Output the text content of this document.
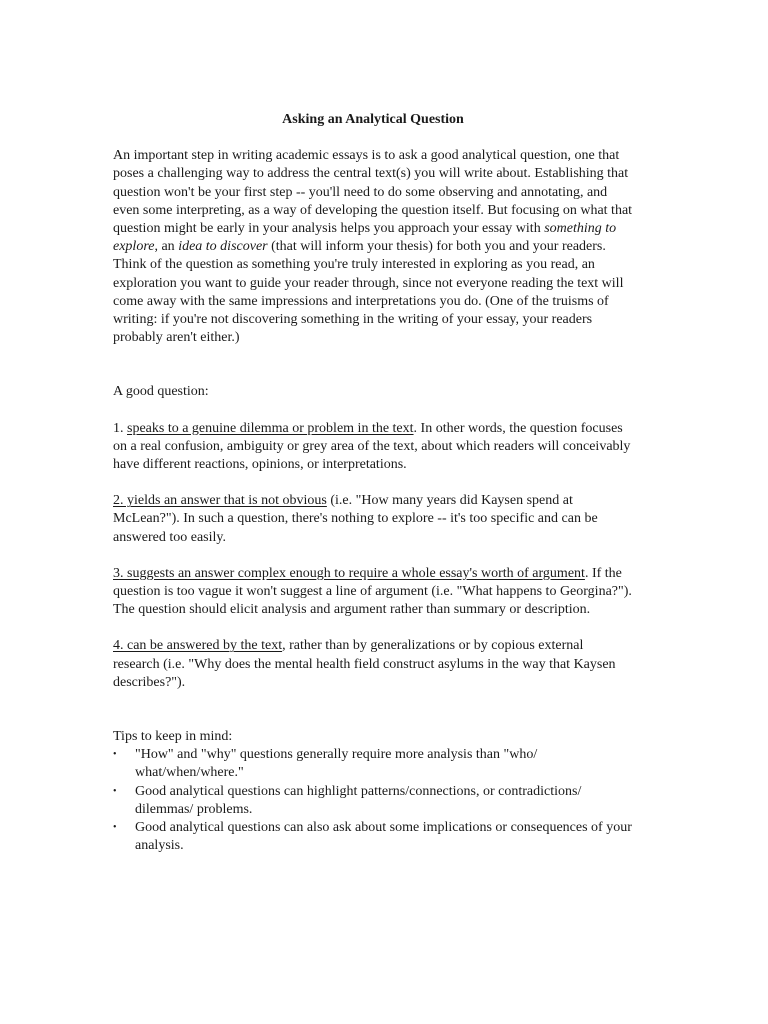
Asking an Analytical Question

An important step in writing academic essays is to ask a good analytical question, one that poses a challenging way to address the central text(s) you will write about. Establishing that question won't be your first step -- you'll need to do some observing and annotating, and even some interpreting, as a way of developing the question itself. But focusing on what that question might be early in your analysis helps you approach your essay with something to explore, an idea to discover (that will inform your thesis) for both you and your readers. Think of the question as something you're truly interested in exploring as you read, an exploration you want to guide your reader through, since not everyone reading the text will come away with the same impressions and interpretations you do. (One of the truisms of writing: if you're not discovering something in the writing of your essay, your readers probably aren't either.)

A good question:

1. speaks to a genuine dilemma or problem in the text. In other words, the question focuses on a real confusion, ambiguity or grey area of the text, about which readers will conceivably have different reactions, opinions, or interpretations.

2. yields an answer that is not obvious (i.e. "How many years did Kaysen spend at McLean?"). In such a question, there's nothing to explore -- it's too specific and can be answered too easily.

3. suggests an answer complex enough to require a whole essay's worth of argument. If the question is too vague it won't suggest a line of argument (i.e. "What happens to Georgina?"). The question should elicit analysis and argument rather than summary or description.

4. can be answered by the text, rather than by generalizations or by copious external research (i.e. "Why does the mental health field construct asylums in the way that Kaysen describes?").

Tips to keep in mind:

• "How" and "why" questions generally require more analysis than "who/ what/when/where."
• Good analytical questions can highlight patterns/connections, or contradictions/ dilemmas/ problems.
• Good analytical questions can also ask about some implications or consequences of your analysis.
